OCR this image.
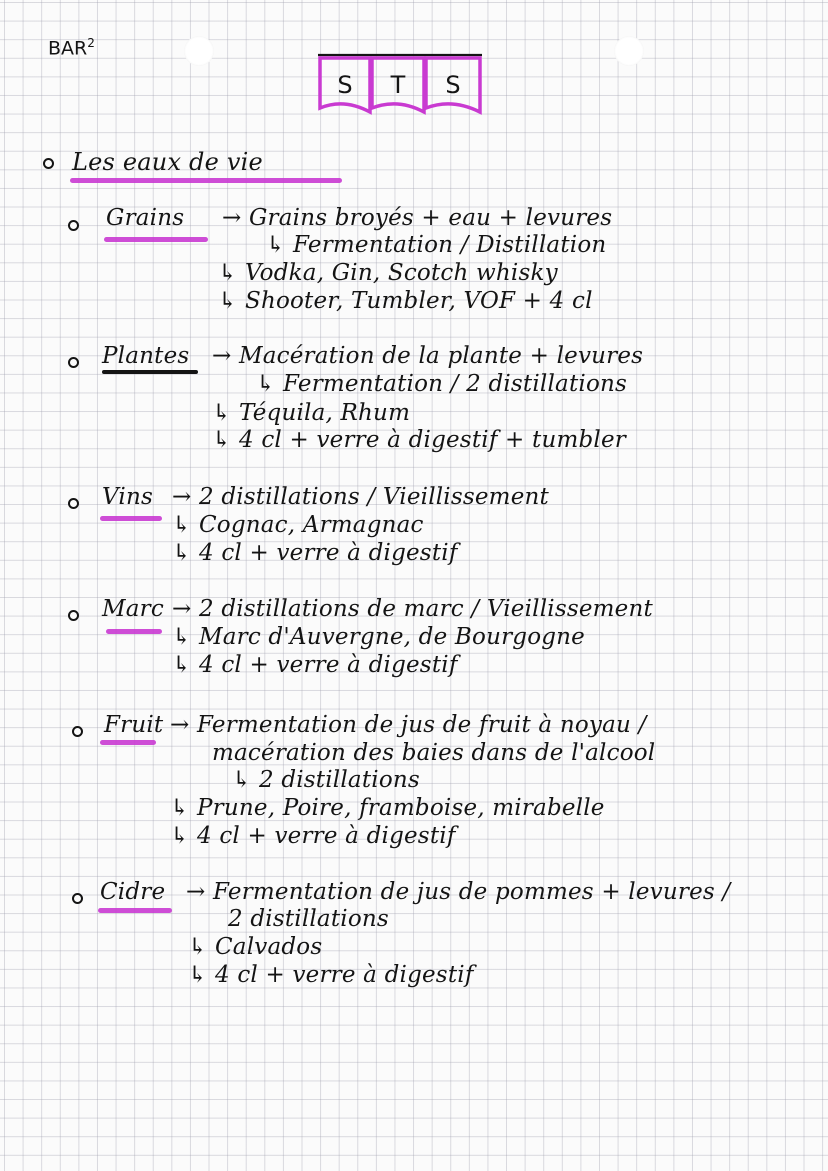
BAR$^2$
S T S
Les eaux de vie
Grains → Grains broyés + eau + levures
↳ Fermentation / Distillation
↳ Vodka, Gin, Scotch whisky
↳ Shooter, Tumbler, VOF + 4 cl
Plantes → Macération de la plante + levures
↳ Fermentation / 2 distillations
↳ Téquila, Rhum
↳ 4 cl + verre à digestif + tumbler
Vins → 2 distillations / Vieillissement
↳ Cognac, Armagnac
↳ 4 cl + verre à digestif
Marc → 2 distillations de marc / Vieillissement
↳ Marc d'Auvergne, de Bourgogne
↳ 4 cl + verre à digestif
Fruit → Fermentation de jus de fruit à noyau /
macération des baies dans de l'alcool
↳ 2 distillations
↳ Prune, Poire, framboise, mirabelle
↳ 4 cl + verre à digestif
Cidre → Fermentation de jus de pommes + levures /
2 distillations
↳ Calvados
↳ 4 cl + verre à digestif
